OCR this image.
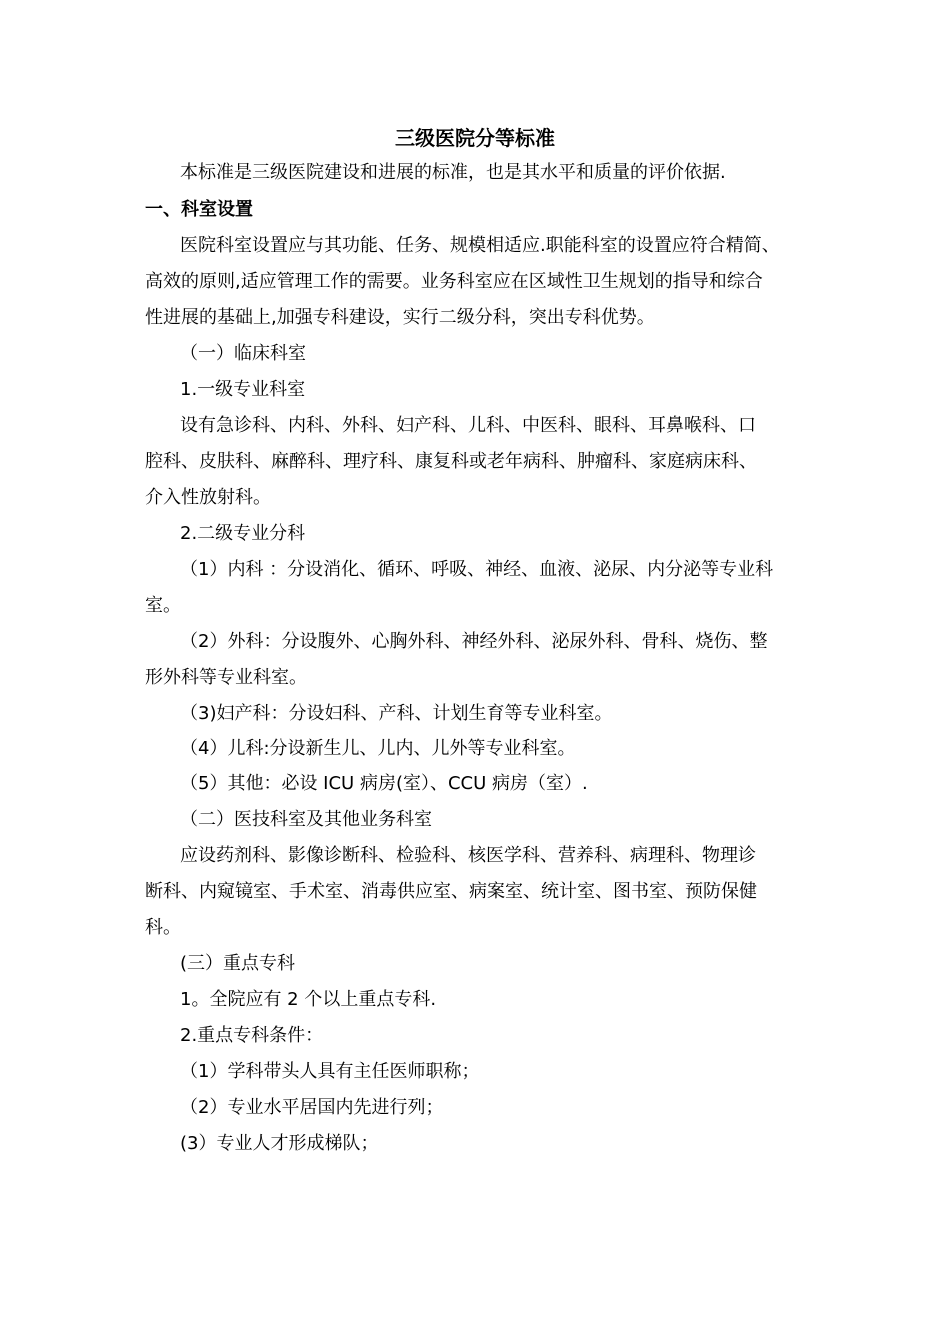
三级医院分等标准
本标准是三级医院建设和进展的标准，也是其水平和质量的评价依据.
一、科室设置
医院科室设置应与其功能、任务、规模相适应.职能科室的设置应符合精简、
高效的原则,适应管理工作的需要。业务科室应在区域性卫生规划的指导和综合
性进展的基础上,加强专科建设，实行二级分科，突出专科优势。
（一）临床科室
1.一级专业科室
设有急诊科、内科、外科、妇产科、儿科、中医科、眼科、耳鼻喉科、口
腔科、皮肤科、麻醉科、理疗科、康复科或老年病科、肿瘤科、家庭病床科、
介入性放射科。
2.二级专业分科
（1）内科 ：分设消化、循环、呼吸、神经、血液、泌尿、内分泌等专业科
室。
（2）外科：分设腹外、心胸外科、神经外科、泌尿外科、骨科、烧伤、整
形外科等专业科室。
（3)妇产科：分设妇科、产科、计划生育等专业科室。
（4）儿科:分设新生儿、儿内、儿外等专业科室。
（5）其他：必设 ICU 病房(室）、CCU 病房（室）.
（二）医技科室及其他业务科室
应设药剂科、影像诊断科、检验科、核医学科、营养科、病理科、物理诊
断科、内窥镜室、手术室、消毒供应室、病案室、统计室、图书室、预防保健
科。
(三）重点专科
1。全院应有 2 个以上重点专科.
2.重点专科条件：
（1）学科带头人具有主任医师职称；
（2）专业水平居国内先进行列；
(3）专业人才形成梯队；
